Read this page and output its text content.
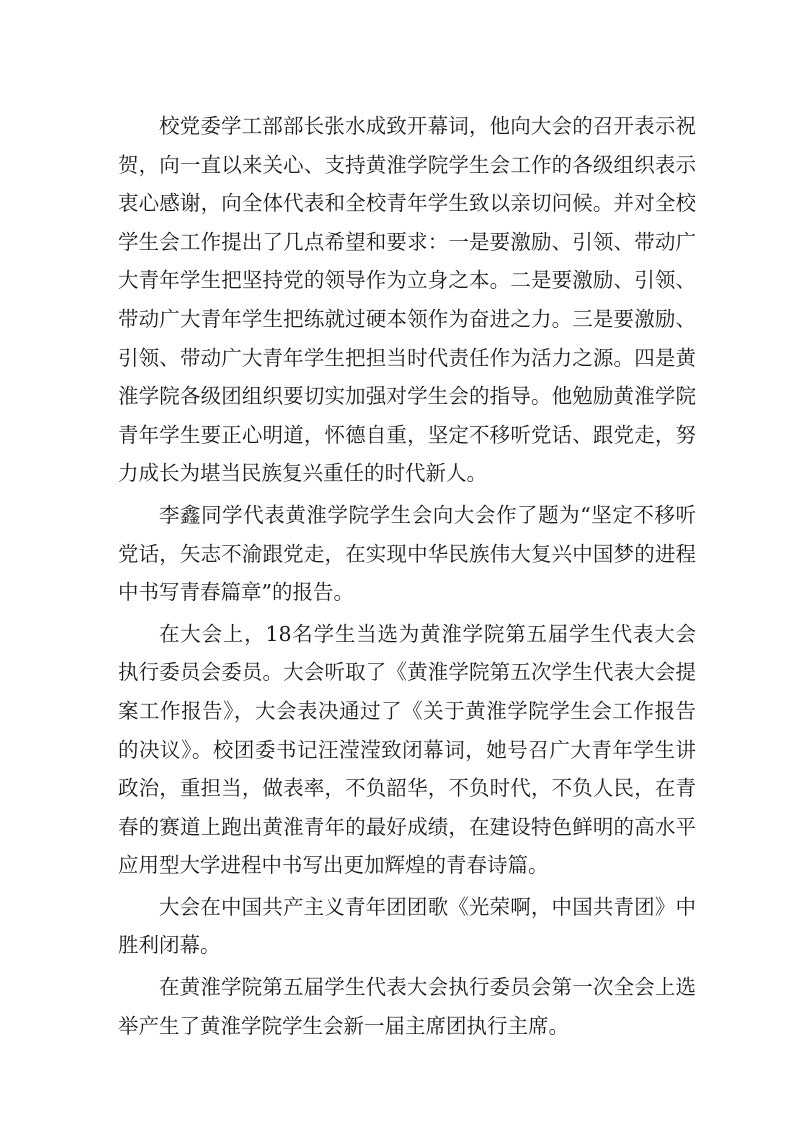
校党委学工部部长张水成致开幕词，他向大会的召开表示祝贺，向一直以来关心、支持黄淮学院学生会工作的各级组织表示衷心感谢，向全体代表和全校青年学生致以亲切问候。并对全校学生会工作提出了几点希望和要求：一是要激励、引领、带动广大青年学生把坚持党的领导作为立身之本。二是要激励、引领、带动广大青年学生把练就过硬本领作为奋进之力。三是要激励、引领、带动广大青年学生把担当时代责任作为活力之源。四是黄淮学院各级团组织要切实加强对学生会的指导。他勉励黄淮学院青年学生要正心明道，怀德自重，坚定不移听党话、跟党走，努力成长为堪当民族复兴重任的时代新人。

李鑫同学代表黄淮学院学生会向大会作了题为“坚定不移听党话，矢志不渝跟党走，在实现中华民族伟大复兴中国梦的进程中书写青春篇章”的报告。

在大会上，18名学生当选为黄淮学院第五届学生代表大会执行委员会委员。大会听取了《黄淮学院第五次学生代表大会提案工作报告》，大会表决通过了《关于黄淮学院学生会工作报告的决议》。校团委书记汪滢滢致闭幕词，她号召广大青年学生讲政治，重担当，做表率，不负韶华，不负时代，不负人民，在青春的赛道上跑出黄淮青年的最好成绩，在建设特色鲜明的高水平应用型大学进程中书写出更加辉煌的青春诗篇。

大会在中国共产主义青年团团歌《光荣啊，中国共青团》中胜利闭幕。

在黄淮学院第五届学生代表大会执行委员会第一次全会上选举产生了黄淮学院学生会新一届主席团执行主席。
